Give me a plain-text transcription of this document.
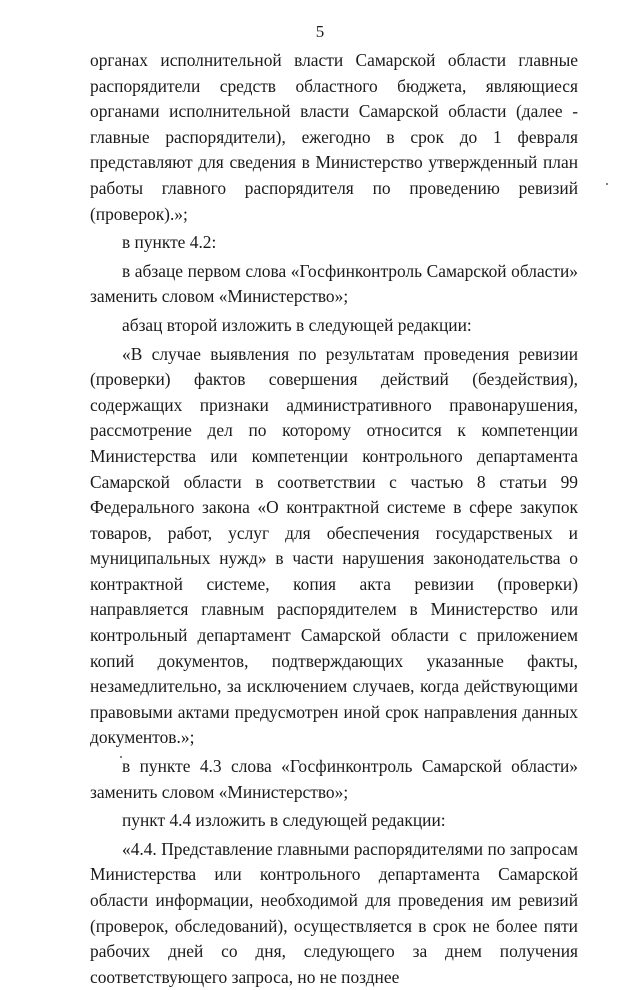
5

органах исполнительной власти Самарской области главные распорядители средств областного бюджета, являющиеся органами исполнительной власти Самарской области (далее - главные распорядители), ежегодно в срок до 1 февраля представляют для сведения в Министерство утвержденный план работы главного распорядителя по проведению ревизий (проверок).»;

в пункте 4.2:

в абзаце первом слова «Госфинконтроль Самарской области» заменить словом «Министерство»;

абзац второй изложить в следующей редакции:

«В случае выявления по результатам проведения ревизии (проверки) фактов совершения действий (бездействия), содержащих признаки административного правонарушения, рассмотрение дел по которому относится к компетенции Министерства или компетенции контрольного департамента Самарской области в соответствии с частью 8 статьи 99 Федерального закона «О контрактной системе в сфере закупок товаров, работ, услуг для обеспечения государственых и муниципальных нужд» в части нарушения законодательства о контрактной системе, копия акта ревизии (проверки) направляется главным распорядителем в Министерство или контрольный департамент Самарской области с приложением копий документов, подтверждающих указанные факты, незамедлительно, за исключением случаев, когда действующими правовыми актами предусмотрен иной срок направления данных документов.»;

в пункте 4.3 слова «Госфинконтроль Самарской области» заменить словом «Министерство»;

пункт 4.4 изложить в следующей редакции:

«4.4. Представление главными распорядителями по запросам Министерства или контрольного департамента Самарской области информации, необходимой для проведения им ревизий (проверок, обследований), осуществляется в срок не более пяти рабочих дней со дня, следующего за днем получения соответствующего запроса, но не позднее
